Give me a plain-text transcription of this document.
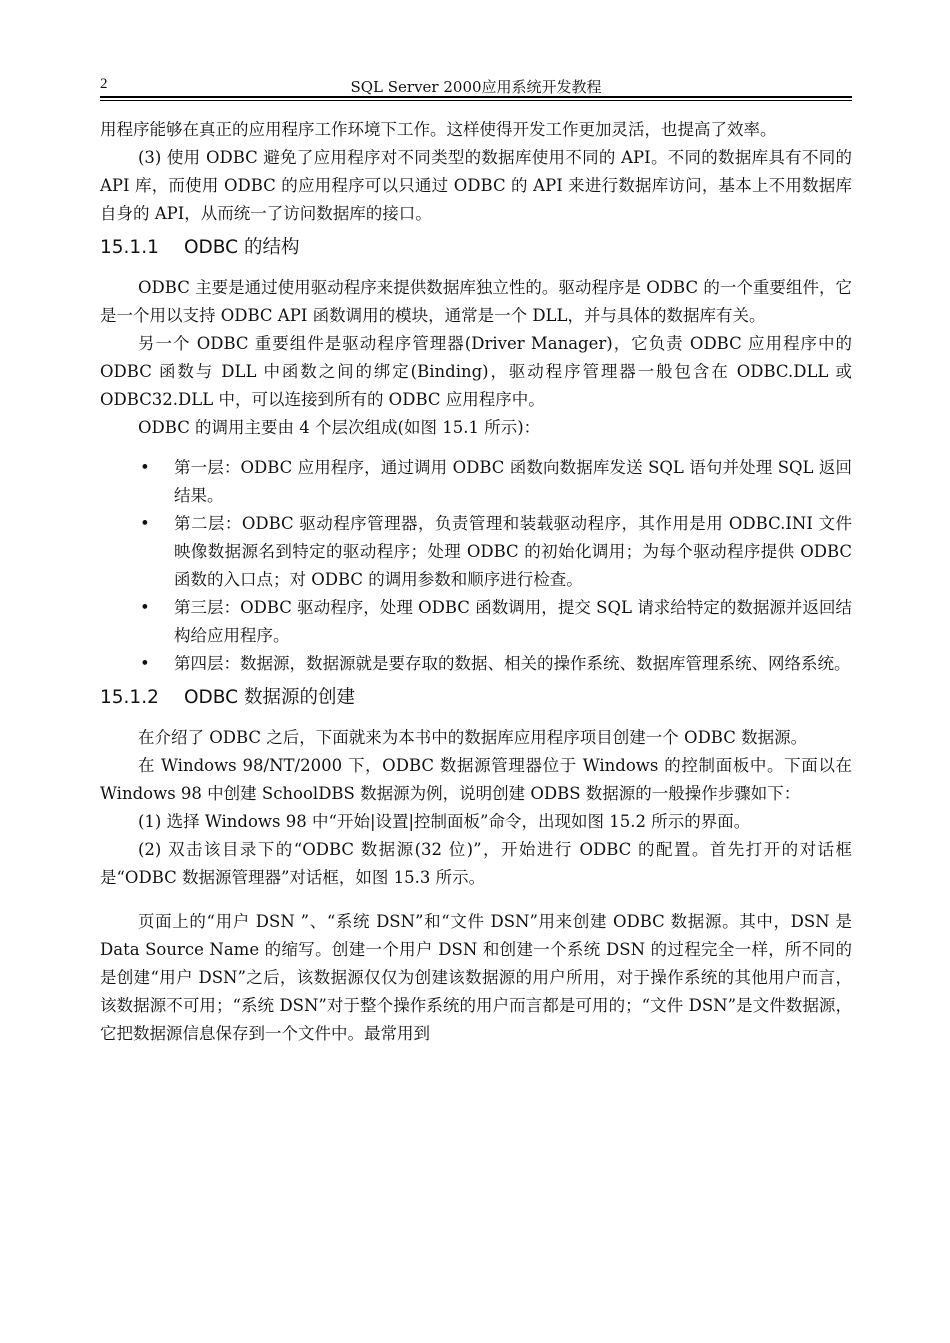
2	SQL Server 2000应用系统开发教程

用程序能够在真正的应用程序工作环境下工作。这样使得开发工作更加灵活，也提高了效率。

(3) 使用 ODBC 避免了应用程序对不同类型的数据库使用不同的 API。不同的数据库具有不同的 API 库，而使用 ODBC 的应用程序可以只通过 ODBC 的 API 来进行数据库访问，基本上不用数据库自身的 API，从而统一了访问数据库的接口。

15.1.1 ODBC 的结构

ODBC 主要是通过使用驱动程序来提供数据库独立性的。驱动程序是 ODBC 的一个重要组件，它是一个用以支持 ODBC API 函数调用的模块，通常是一个 DLL，并与具体的数据库有关。

另一个 ODBC 重要组件是驱动程序管理器(Driver Manager)，它负责 ODBC 应用程序中的 ODBC 函数与 DLL 中函数之间的绑定(Binding)，驱动程序管理器一般包含在 ODBC.DLL 或 ODBC32.DLL 中，可以连接到所有的 ODBC 应用程序中。

ODBC 的调用主要由 4 个层次组成(如图 15.1 所示)：

• 第一层：ODBC 应用程序，通过调用 ODBC 函数向数据库发送 SQL 语句并处理 SQL 返回结果。
• 第二层：ODBC 驱动程序管理器，负责管理和装载驱动程序，其作用是用 ODBC.INI 文件映像数据源名到特定的驱动程序；处理 ODBC 的初始化调用；为每个驱动程序提供 ODBC 函数的入口点；对 ODBC 的调用参数和顺序进行检查。
• 第三层：ODBC 驱动程序，处理 ODBC 函数调用，提交 SQL 请求给特定的数据源并返回结构给应用程序。
• 第四层：数据源，数据源就是要存取的数据、相关的操作系统、数据库管理系统、网络系统。
15.1.2 ODBC 数据源的创建

在介绍了 ODBC 之后，下面就来为本书中的数据库应用程序项目创建一个 ODBC 数据源。

在 Windows 98/NT/2000 下，ODBC 数据源管理器位于 Windows 的控制面板中。下面以在 Windows 98 中创建 SchoolDBS 数据源为例，说明创建 ODBS 数据源的一般操作步骤如下：

(1) 选择 Windows 98 中“开始|设置|控制面板”命令，出现如图 15.2 所示的界面。

(2) 双击该目录下的“ODBC 数据源(32 位)”，开始进行 ODBC 的配置。首先打开的对话框是“ODBC 数据源管理器”对话框，如图 15.3 所示。

页面上的“用户 DSN ”、“系统 DSN”和“文件 DSN”用来创建 ODBC 数据源。其中，DSN 是 Data Source Name 的缩写。创建一个用户 DSN 和创建一个系统 DSN 的过程完全一样，所不同的是创建“用户 DSN”之后，该数据源仅仅为创建该数据源的用户所用，对于操作系统的其他用户而言，该数据源不可用；“系统 DSN”对于整个操作系统的用户而言都是可用的；“文件 DSN”是文件数据源，它把数据源信息保存到一个文件中。最常用到
